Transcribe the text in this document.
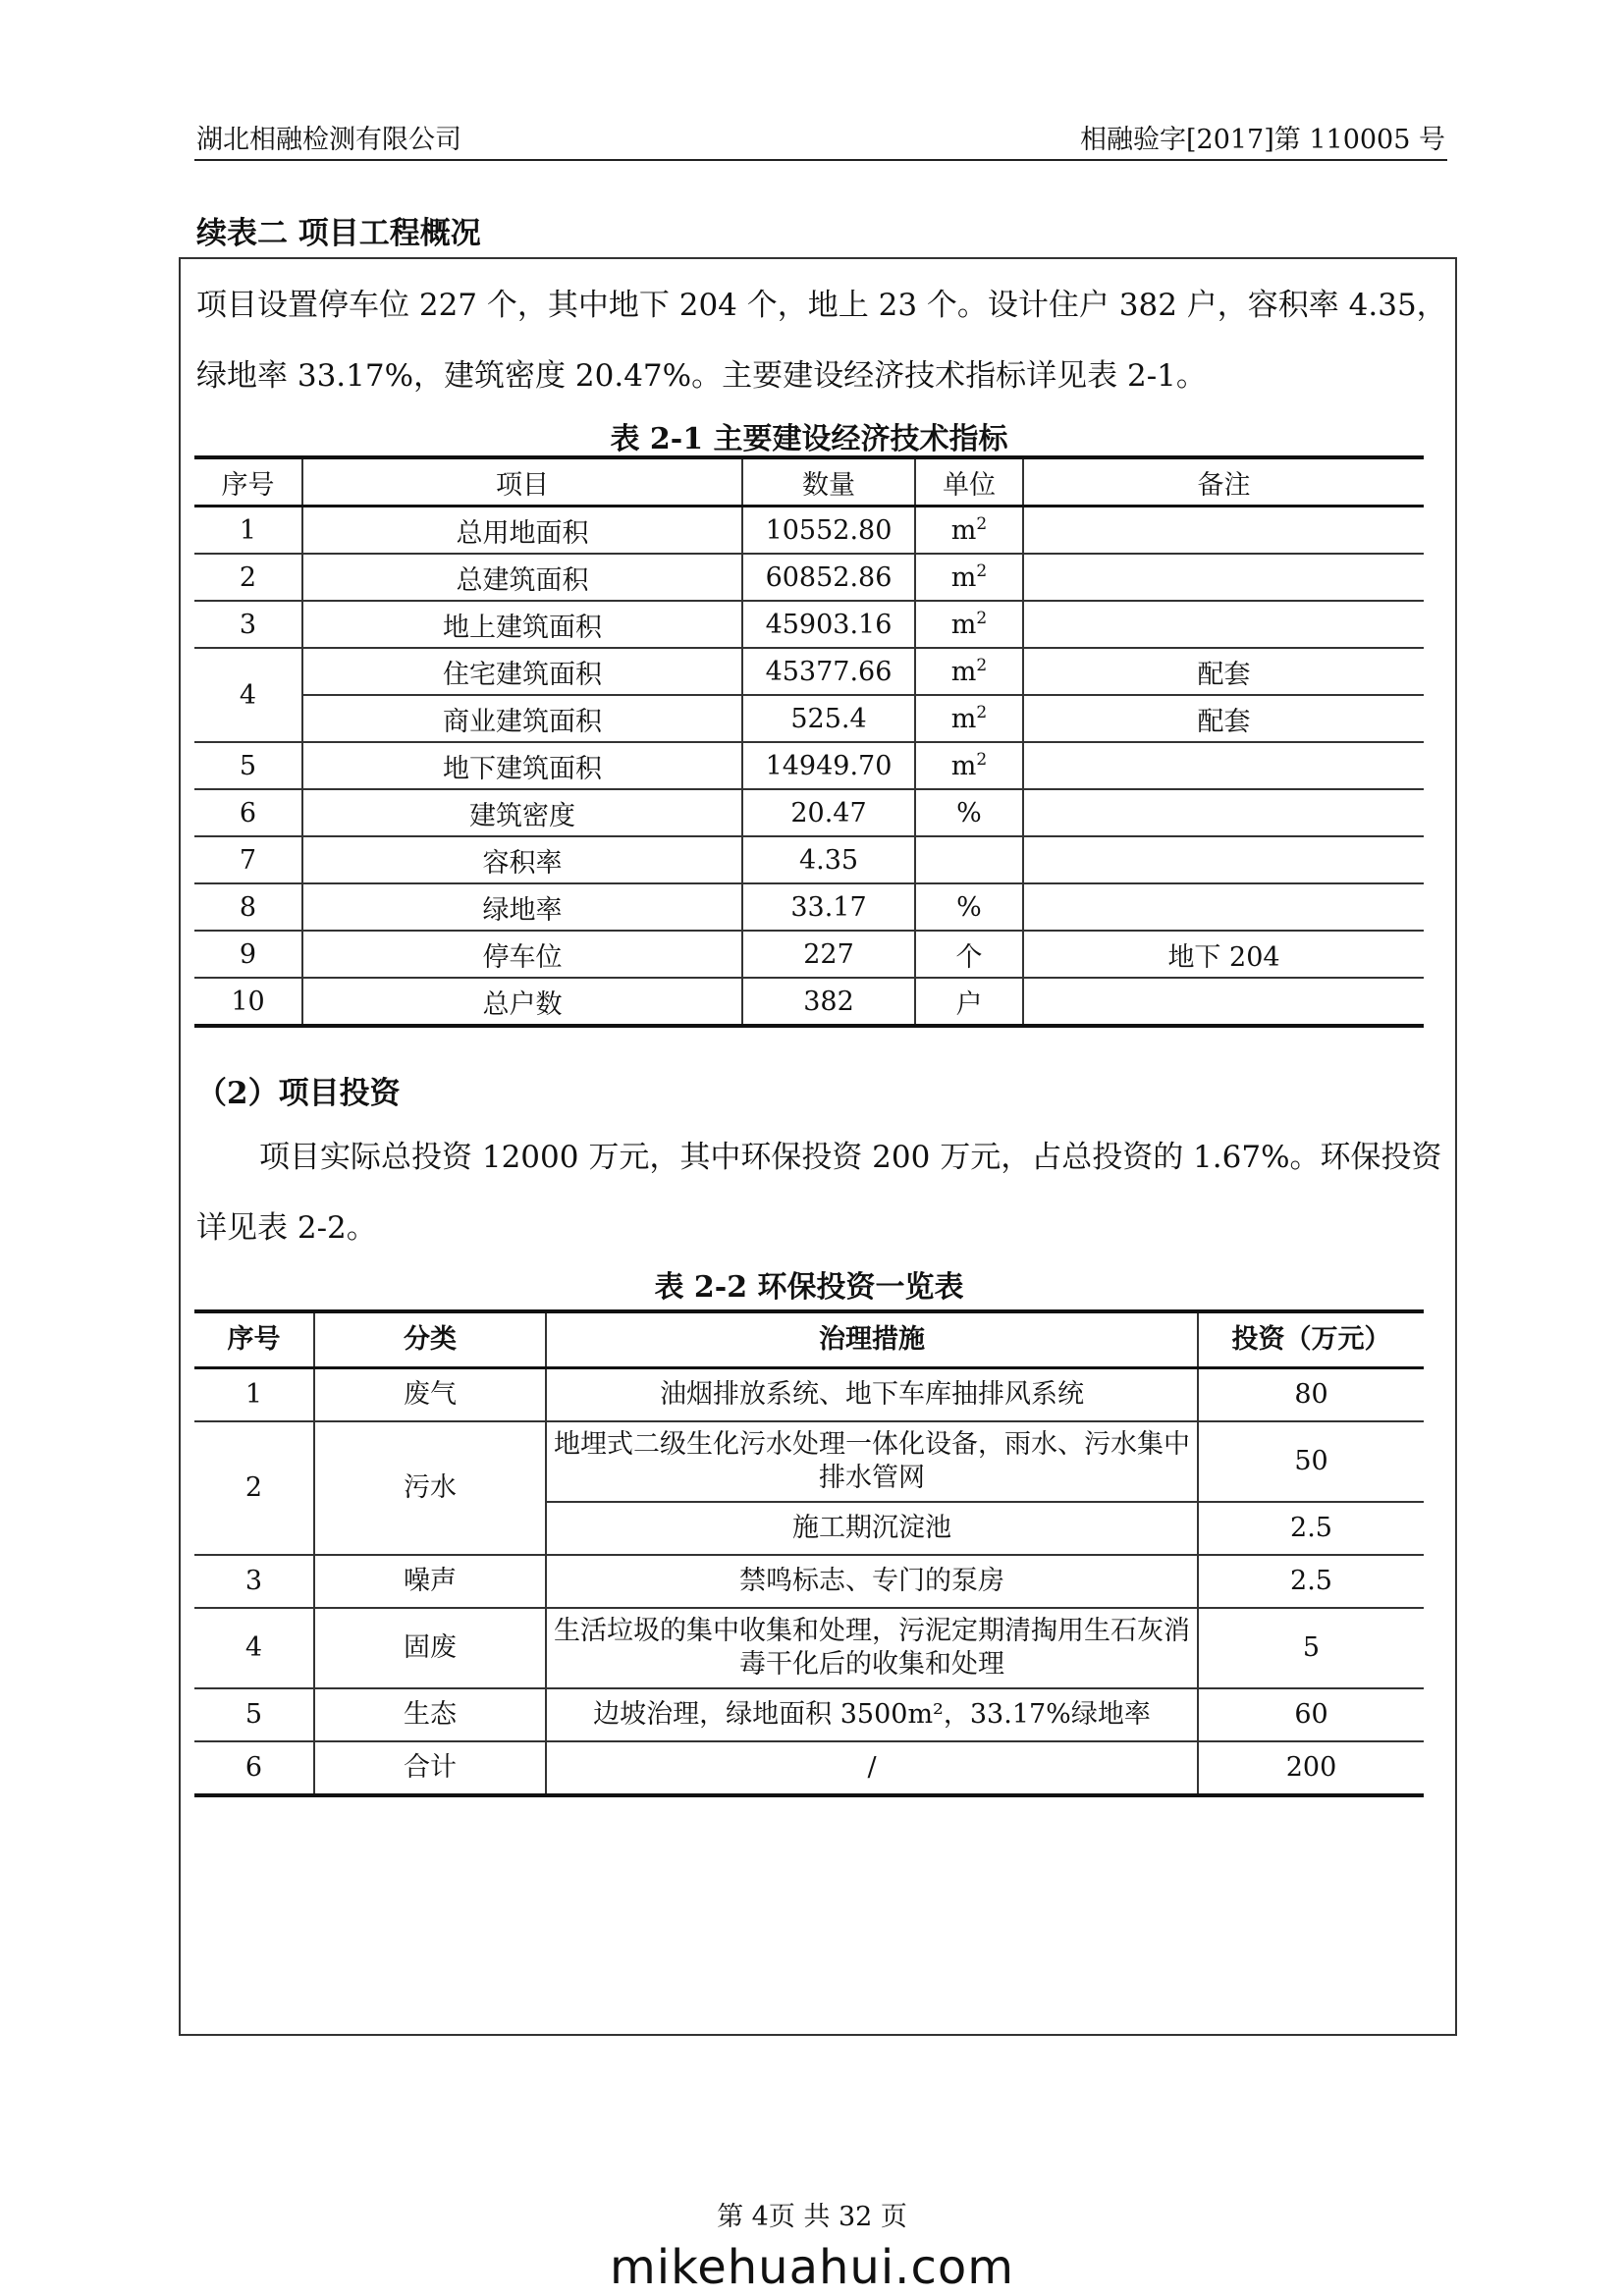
湖北相融检测有限公司	相融验字[2017]第 110005 号
续表二 项目工程概况
项目设置停车位 227 个，其中地下 204 个，地上 23 个。设计住户 382 户，容积率 4.35，绿地率 33.17%，建筑密度 20.47%。主要建设经济技术指标详见表 2-1。
表 2-1 主要建设经济技术指标
序号	项目	数量	单位	备注
1	总用地面积	10552.80	$m^2$	
2	总建筑面积	60852.86	$m^2$	
3	地上建筑面积	45903.16	$m^2$	
4	住宅建筑面积	45377.66	$m^2$	配套
	商业建筑面积	525.4	$m^2$	配套
5	地下建筑面积	14949.70	$m^2$	
6	建筑密度	20.47	%	
7	容积率	4.35		
8	绿地率	33.17	%	
9	停车位	227	个	地下 204
10	总户数	382	户	
（2）项目投资
项目实际总投资 12000 万元，其中环保投资 200 万元，占总投资的 1.67%。环保投资详见表 2-2。
表 2-2 环保投资一览表
序号	分类	治理措施	投资（万元）
1	废气	油烟排放系统、地下车库抽排风系统	80
2	污水	地埋式二级生化污水处理一体化设备，雨水、污水集中排水管网	50
		施工期沉淀池	2.5
3	噪声	禁鸣标志、专门的泵房	2.5
4	固废	生活垃圾的集中收集和处理，污泥定期清掏用生石灰消毒干化后的收集和处理	5
5	生态	边坡治理，绿地面积 3500m²，33.17%绿地率	60
6	合计	/	200
第 4页 共 32 页
mikehuahui.com
